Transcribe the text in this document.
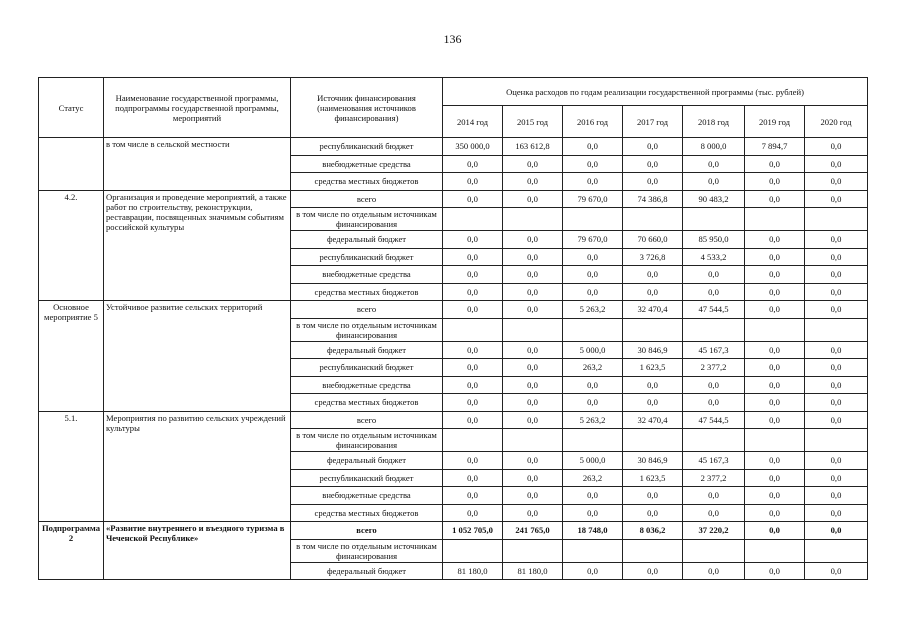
136
Статус	Наименование государственной программы, подпрограммы государственной программы, мероприятий	Источник финансирования (наименования источников финансирования)	Оценка расходов по годам реализации государственной программы (тыс. рублей)						
			2014 год	2015 год	2016 год	2017 год	2018 год	2019 год	2020 год
	в том числе в сельской местности	республиканский бюджет	350 000,0	163 612,8	0,0	0,0	8 000,0	7 894,7	0,0
		внебюджетные средства	0,0	0,0	0,0	0,0	0,0	0,0	0,0
		средства местных бюджетов	0,0	0,0	0,0	0,0	0,0	0,0	0,0
4.2.	Организация и проведение мероприятий, а также работ по строительству, реконструкции, реставрации, посвященных значимым событиям российской культуры	всего	0,0	0,0	79 670,0	74 386,8	90 483,2	0,0	0,0
		в том числе по отдельным источникам финансирования							
		федеральный бюджет	0,0	0,0	79 670,0	70 660,0	85 950,0	0,0	0,0
		республиканский бюджет	0,0	0,0	0,0	3 726,8	4 533,2	0,0	0,0
		внебюджетные средства	0,0	0,0	0,0	0,0	0,0	0,0	0,0
		средства местных бюджетов	0,0	0,0	0,0	0,0	0,0	0,0	0,0
Основное мероприятие 5	Устойчивое развитие сельских территорий	всего	0,0	0,0	5 263,2	32 470,4	47 544,5	0,0	0,0
		в том числе по отдельным источникам финансирования							
		федеральный бюджет	0,0	0,0	5 000,0	30 846,9	45 167,3	0,0	0,0
		республиканский бюджет	0,0	0,0	263,2	1 623,5	2 377,2	0,0	0,0
		внебюджетные средства	0,0	0,0	0,0	0,0	0,0	0,0	0,0
		средства местных бюджетов	0,0	0,0	0,0	0,0	0,0	0,0	0,0
5.1.	Мероприятия по развитию сельских учреждений культуры	всего	0,0	0,0	5 263,2	32 470,4	47 544,5	0,0	0,0
		в том числе по отдельным источникам финансирования							
		федеральный бюджет	0,0	0,0	5 000,0	30 846,9	45 167,3	0,0	0,0
		республиканский бюджет	0,0	0,0	263,2	1 623,5	2 377,2	0,0	0,0
		внебюджетные средства	0,0	0,0	0,0	0,0	0,0	0,0	0,0
		средства местных бюджетов	0,0	0,0	0,0	0,0	0,0	0,0	0,0
Подпрограмма 2	«Развитие внутреннего и въездного туризма в Чеченской Республике»	всего	1 052 705,0	241 765,0	18 748,0	8 036,2	37 220,2	0,0	0,0
		в том числе по отдельным источникам финансирования							
		федеральный бюджет	81 180,0	81 180,0	0,0	0,0	0,0	0,0	0,0
